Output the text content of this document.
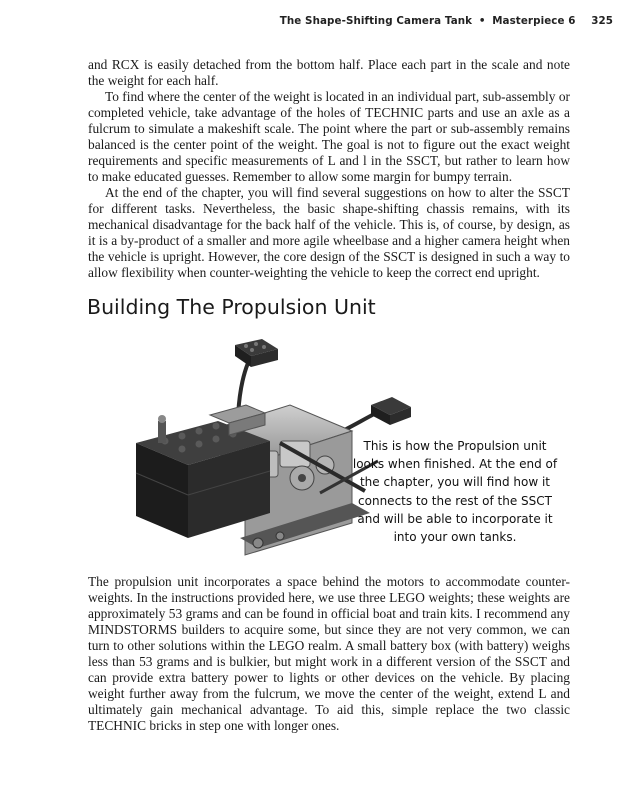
The Shape-Shifting Camera Tank • Masterpiece 6 325

and RCX is easily detached from the bottom half. Place each part in the scale and note the weight for each half.

To find where the center of the weight is located in an individual part, sub-assembly or completed vehicle, take advantage of the holes of TECHNIC parts and use an axle as a fulcrum to simulate a makeshift scale. The point where the part or sub-assembly remains balanced is the center point of the weight. The goal is not to figure out the exact weight requirements and specific measurements of L and l in the SSCT, but rather to learn how to make educated guesses. Remember to allow some margin for bumpy terrain.

At the end of the chapter, you will find several suggestions on how to alter the SSCT for different tasks. Nevertheless, the basic shape-shifting chassis remains, with its mechanical disadvantage for the back half of the vehicle. This is, of course, by design, as it is a by-product of a smaller and more agile wheelbase and a higher camera height when the vehicle is upright. However, the core design of the SSCT is designed in such a way to allow flexibility when counter-weighting the vehicle to keep the correct end upright.

Building The Propulsion Unit
This is how the Propulsion unit looks when finished. At the end of the chapter, you will find how it connects to the rest of the SSCT and will be able to incorporate it into your own tanks.

The propulsion unit incorporates a space behind the motors to accommodate counter-weights. In the instructions provided here, we use three LEGO weights; these weights are approximately 53 grams and can be found in official boat and train kits. I recommend any MINDSTORMS builders to acquire some, but since they are not very common, we can turn to other solutions within the LEGO realm. A small battery box (with battery) weighs less than 53 grams and is bulkier, but might work in a different version of the SSCT and can provide extra battery power to lights or other devices on the vehicle. By placing weight further away from the fulcrum, we move the center of the weight, extend L and ultimately gain mechanical advantage. To aid this, simple replace the two classic TECHNIC bricks in step one with longer ones.
